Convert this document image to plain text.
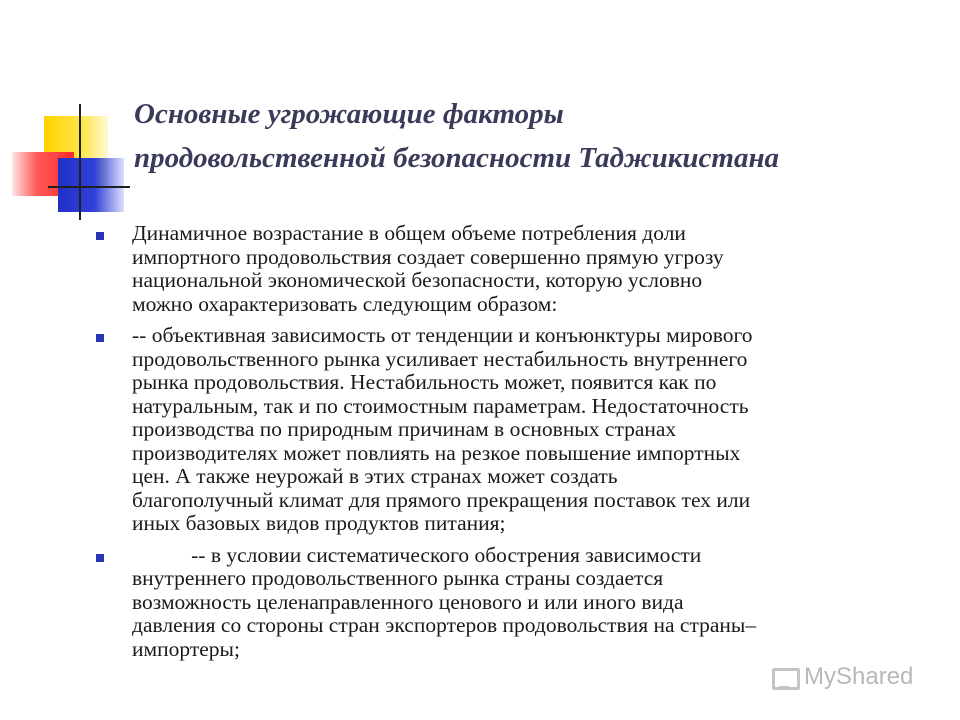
Основные угрожающие факторы
продовольственной безопасности Таджикистана
Динамичное возрастание в общем объеме потребления доли
импортного продовольствия создает совершенно прямую угрозу
национальной экономической безопасности, которую условно
можно охарактеризовать следующим образом:
-- объективная зависимость от тенденции и конъюнктуры мирового
продовольственного рынка усиливает нестабильность внутреннего
рынка продовольствия. Нестабильность может, появится как по
натуральным, так и по стоимостным параметрам. Недостаточность
производства по природным причинам в основных странах
производителях может повлиять на резкое повышение импортных
цен. А также неурожай в этих странах может создать
благополучный климат для прямого прекращения поставок тех или
иных базовых видов продуктов питания;
-- в условии систематического обострения зависимости
внутреннего продовольственного рынка страны создается
возможность целенаправленного ценового и или иного вида
давления со стороны стран экспортеров продовольствия на страны–
импортеры;
MyShared
